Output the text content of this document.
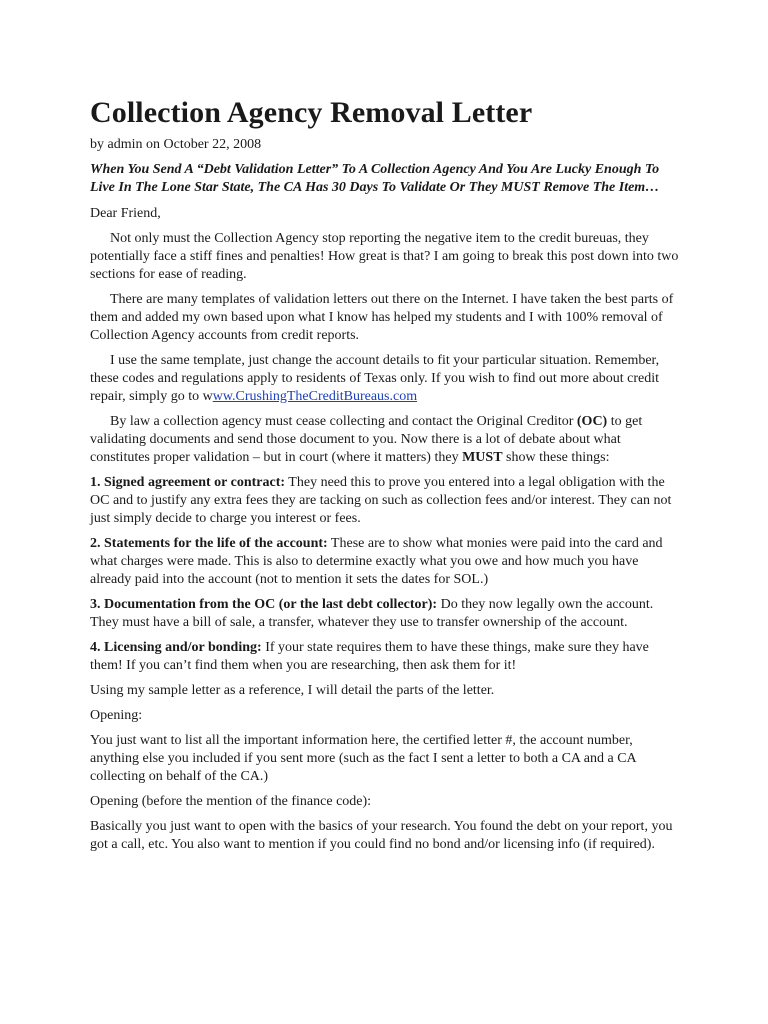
Collection Agency Removal Letter
by admin on October 22, 2008
When You Send A “Debt Validation Letter” To A Collection Agency And You Are Lucky Enough To Live In The Lone Star State, The CA Has 30 Days To Validate Or They MUST Remove The Item…
Dear Friend,
Not only must the Collection Agency stop reporting the negative item to the credit bureuas, they potentially face a stiff fines and penalties! How great is that? I am going to break this post down into two sections for ease of reading.
There are many templates of validation letters out there on the Internet. I have taken the best parts of them and added my own based upon what I know has helped my students and I with 100% removal of Collection Agency accounts from credit reports.
I use the same template, just change the account details to fit your particular situation. Remember, these codes and regulations apply to residents of Texas only. If you wish to find out more about credit repair, simply go to www.CrushingTheCreditBureaus.com
By law a collection agency must cease collecting and contact the Original Creditor (OC) to get validating documents and send those document to you. Now there is a lot of debate about what constitutes proper validation – but in court (where it matters) they MUST show these things:
1. Signed agreement or contract: They need this to prove you entered into a legal obligation with the OC and to justify any extra fees they are tacking on such as collection fees and/or interest. They can not just simply decide to charge you interest or fees.
2. Statements for the life of the account: These are to show what monies were paid into the card and what charges were made. This is also to determine exactly what you owe and how much you have already paid into the account (not to mention it sets the dates for SOL.)
3. Documentation from the OC (or the last debt collector): Do they now legally own the account. They must have a bill of sale, a transfer, whatever they use to transfer ownership of the account.
4. Licensing and/or bonding: If your state requires them to have these things, make sure they have them! If you can’t find them when you are researching, then ask them for it!
Using my sample letter as a reference, I will detail the parts of the letter.
Opening:
You just want to list all the important information here, the certified letter #, the account number, anything else you included if you sent more (such as the fact I sent a letter to both a CA and a CA collecting on behalf of the CA.)
Opening (before the mention of the finance code):
Basically you just want to open with the basics of your research. You found the debt on your report, you got a call, etc. You also want to mention if you could find no bond and/or licensing info (if required).
